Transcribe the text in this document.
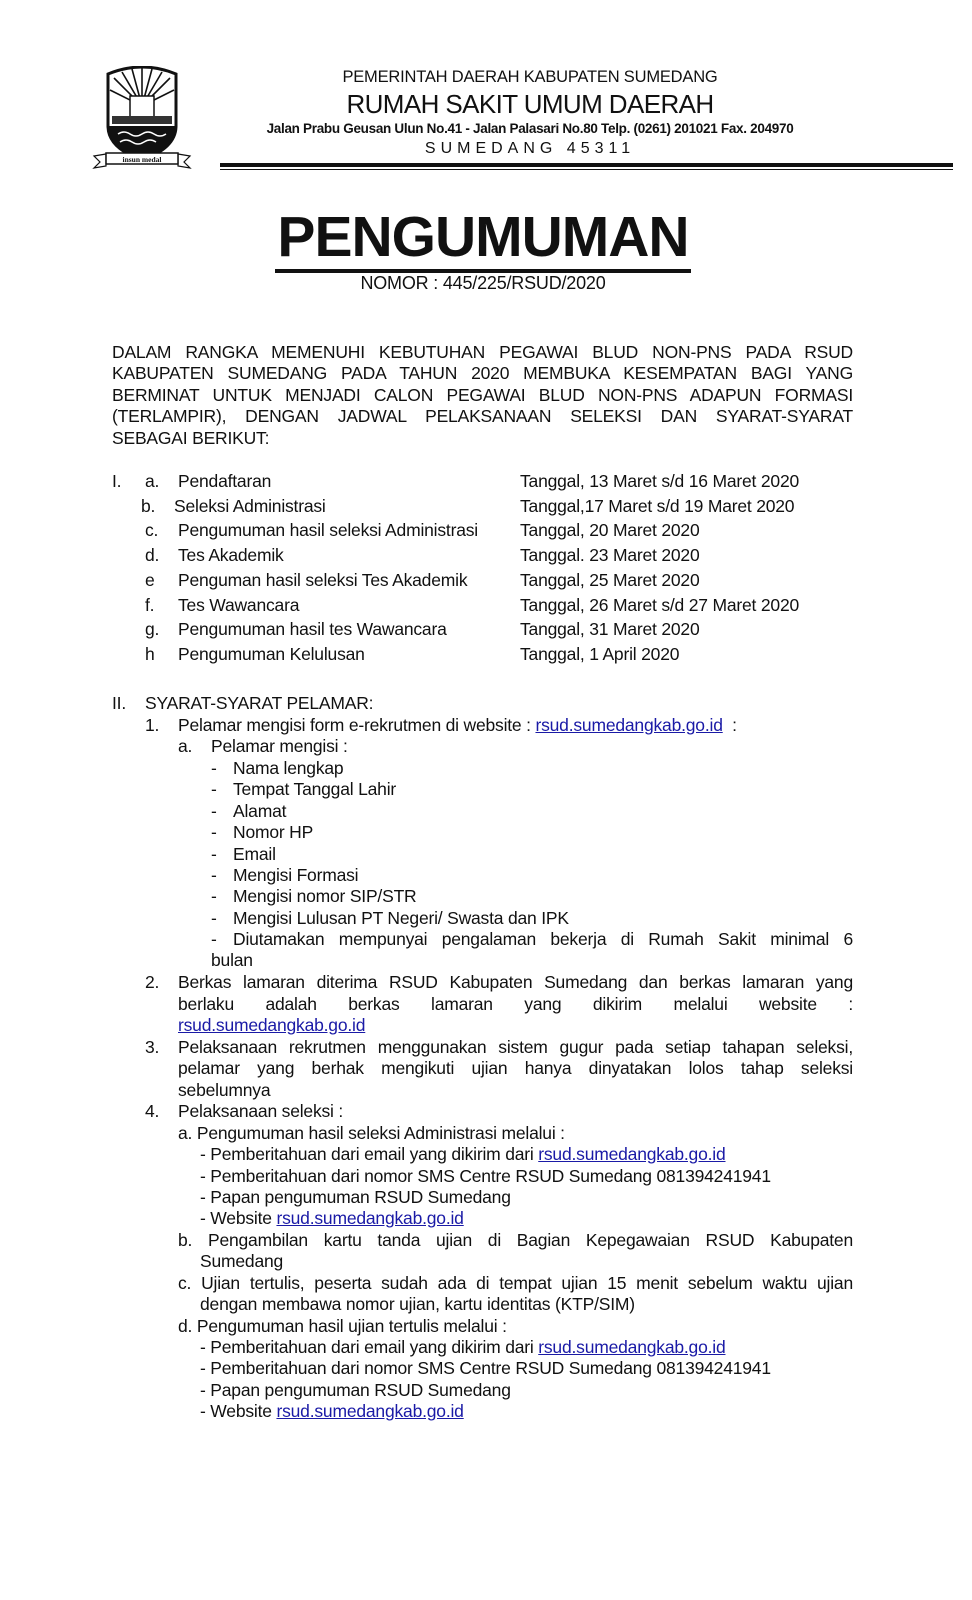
insun medal
PEMERINTAH DAERAH KABUPATEN SUMEDANG
RUMAH SAKIT UMUM DAERAH
Jalan Prabu Geusan Ulun No.41 - Jalan Palasari No.80 Telp. (0261) 201021 Fax. 204970
SUMEDANG 45311
PENGUMUMAN
NOMOR : 445/225/RSUD/2020
DALAM RANGKA MEMENUHI KEBUTUHAN PEGAWAI BLUD NON-PNS PADA RSUD
KABUPATEN SUMEDANG PADA TAHUN 2020 MEMBUKA KESEMPATAN BAGI YANG
BERMINAT UNTUK MENJADI CALON PEGAWAI BLUD NON-PNS ADAPUN FORMASI
(TERLAMPIR), DENGAN JADWAL PELAKSANAAN SELEKSI DAN SYARAT-SYARAT
SEBAGAI BERIKUT:
I. a. Pendaftaran	Tanggal, 13 Maret s/d 16 Maret 2020
b. Seleksi Administrasi	Tanggal,17 Maret s/d 19 Maret 2020
c. Pengumuman hasil seleksi Administrasi Tanggal, 20 Maret 2020
d. Tes Akademik	Tanggal. 23 Maret 2020
e Penguman hasil seleksi Tes Akademik	Tanggal, 25 Maret 2020
f. Tes Wawancara	Tanggal, 26 Maret s/d 27 Maret 2020
g. Pengumuman hasil tes Wawancara	Tanggal, 31 Maret 2020
h Pengumuman Kelulusan	Tanggal, 1 April 2020
II. SYARAT-SYARAT PELAMAR:
1. Pelamar mengisi form e-rekrutmen di website : rsud.sumedangkab.go.id :
a. Pelamar mengisi :
- Nama lengkap
- Tempat Tanggal Lahir
- Alamat
- Nomor HP
- Email
- Mengisi Formasi
- Mengisi nomor SIP/STR
- Mengisi Lulusan PT Negeri/ Swasta dan IPK
- Diutamakan mempunyai pengalaman bekerja di Rumah Sakit minimal 6
bulan
2. Berkas lamaran diterima RSUD Kabupaten Sumedang dan berkas lamaran yang
berlaku adalah berkas lamaran yang dikirim melalui website :
rsud.sumedangkab.go.id
3. Pelaksanaan rekrutmen menggunakan sistem gugur pada setiap tahapan seleksi,
pelamar yang berhak mengikuti ujian hanya dinyatakan lolos tahap seleksi
sebelumnya
4. Pelaksanaan seleksi :
a. Pengumuman hasil seleksi Administrasi melalui :
- Pemberitahuan dari email yang dikirim dari rsud.sumedangkab.go.id
- Pemberitahuan dari nomor SMS Centre RSUD Sumedang 081394241941
- Papan pengumuman RSUD Sumedang
- Website rsud.sumedangkab.go.id
b. Pengambilan kartu tanda ujian di Bagian Kepegawaian RSUD Kabupaten
Sumedang
c. Ujian tertulis, peserta sudah ada di tempat ujian 15 menit sebelum waktu ujian
dengan membawa nomor ujian, kartu identitas (KTP/SIM)
d. Pengumuman hasil ujian tertulis melalui :
- Pemberitahuan dari email yang dikirim dari rsud.sumedangkab.go.id
- Pemberitahuan dari nomor SMS Centre RSUD Sumedang 081394241941
- Papan pengumuman RSUD Sumedang
- Website rsud.sumedangkab.go.id
